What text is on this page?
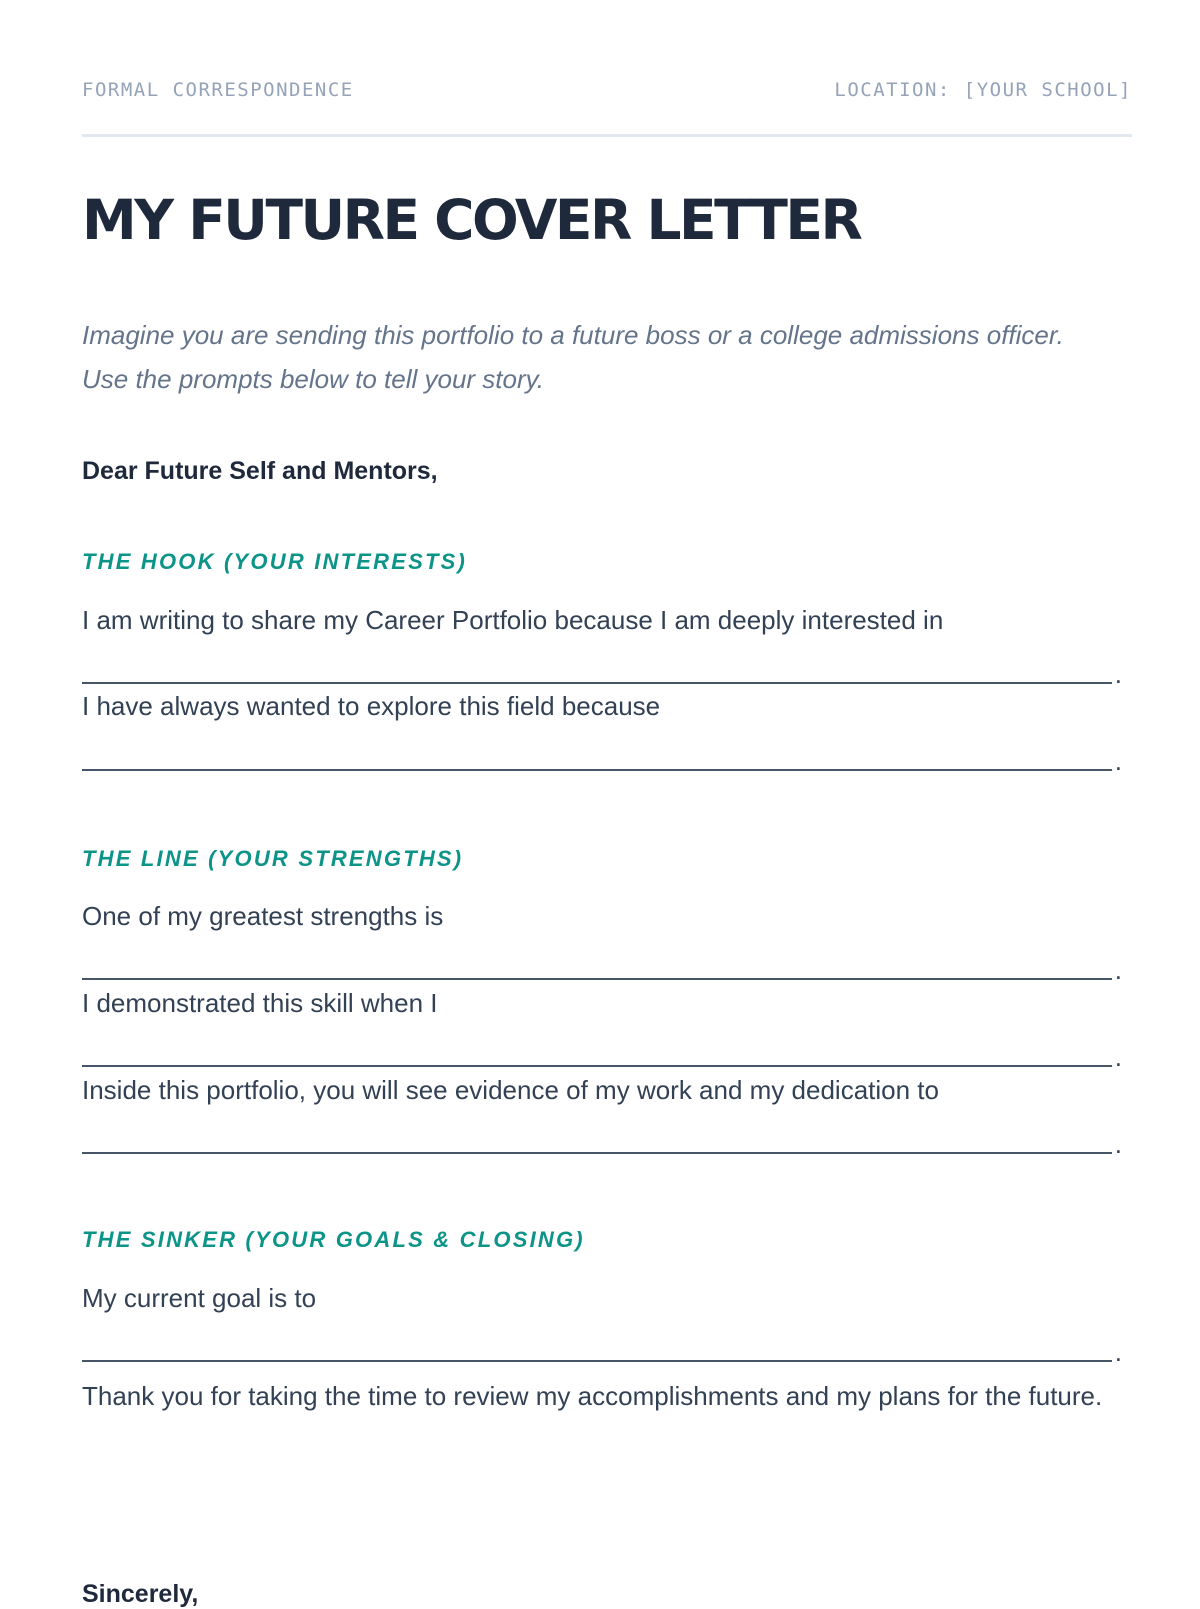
FORMAL CORRESPONDENCE	LOCATION: [YOUR SCHOOL]
MY FUTURE COVER LETTER

Imagine you are sending this portfolio to a future boss or a college admissions officer. Use the prompts below to tell your story.

Dear Future Self and Mentors,

THE HOOK (YOUR INTERESTS)

I am writing to share my Career Portfolio because I am deeply interested in

.

I have always wanted to explore this field because

.
THE LINE (YOUR STRENGTHS)

One of my greatest strengths is

.

I demonstrated this skill when I

.

Inside this portfolio, you will see evidence of my work and my dedication to

.
THE SINKER (YOUR GOALS & CLOSING)

My current goal is to

.

Thank you for taking the time to review my accomplishments and my plans for the future.

Sincerely,
